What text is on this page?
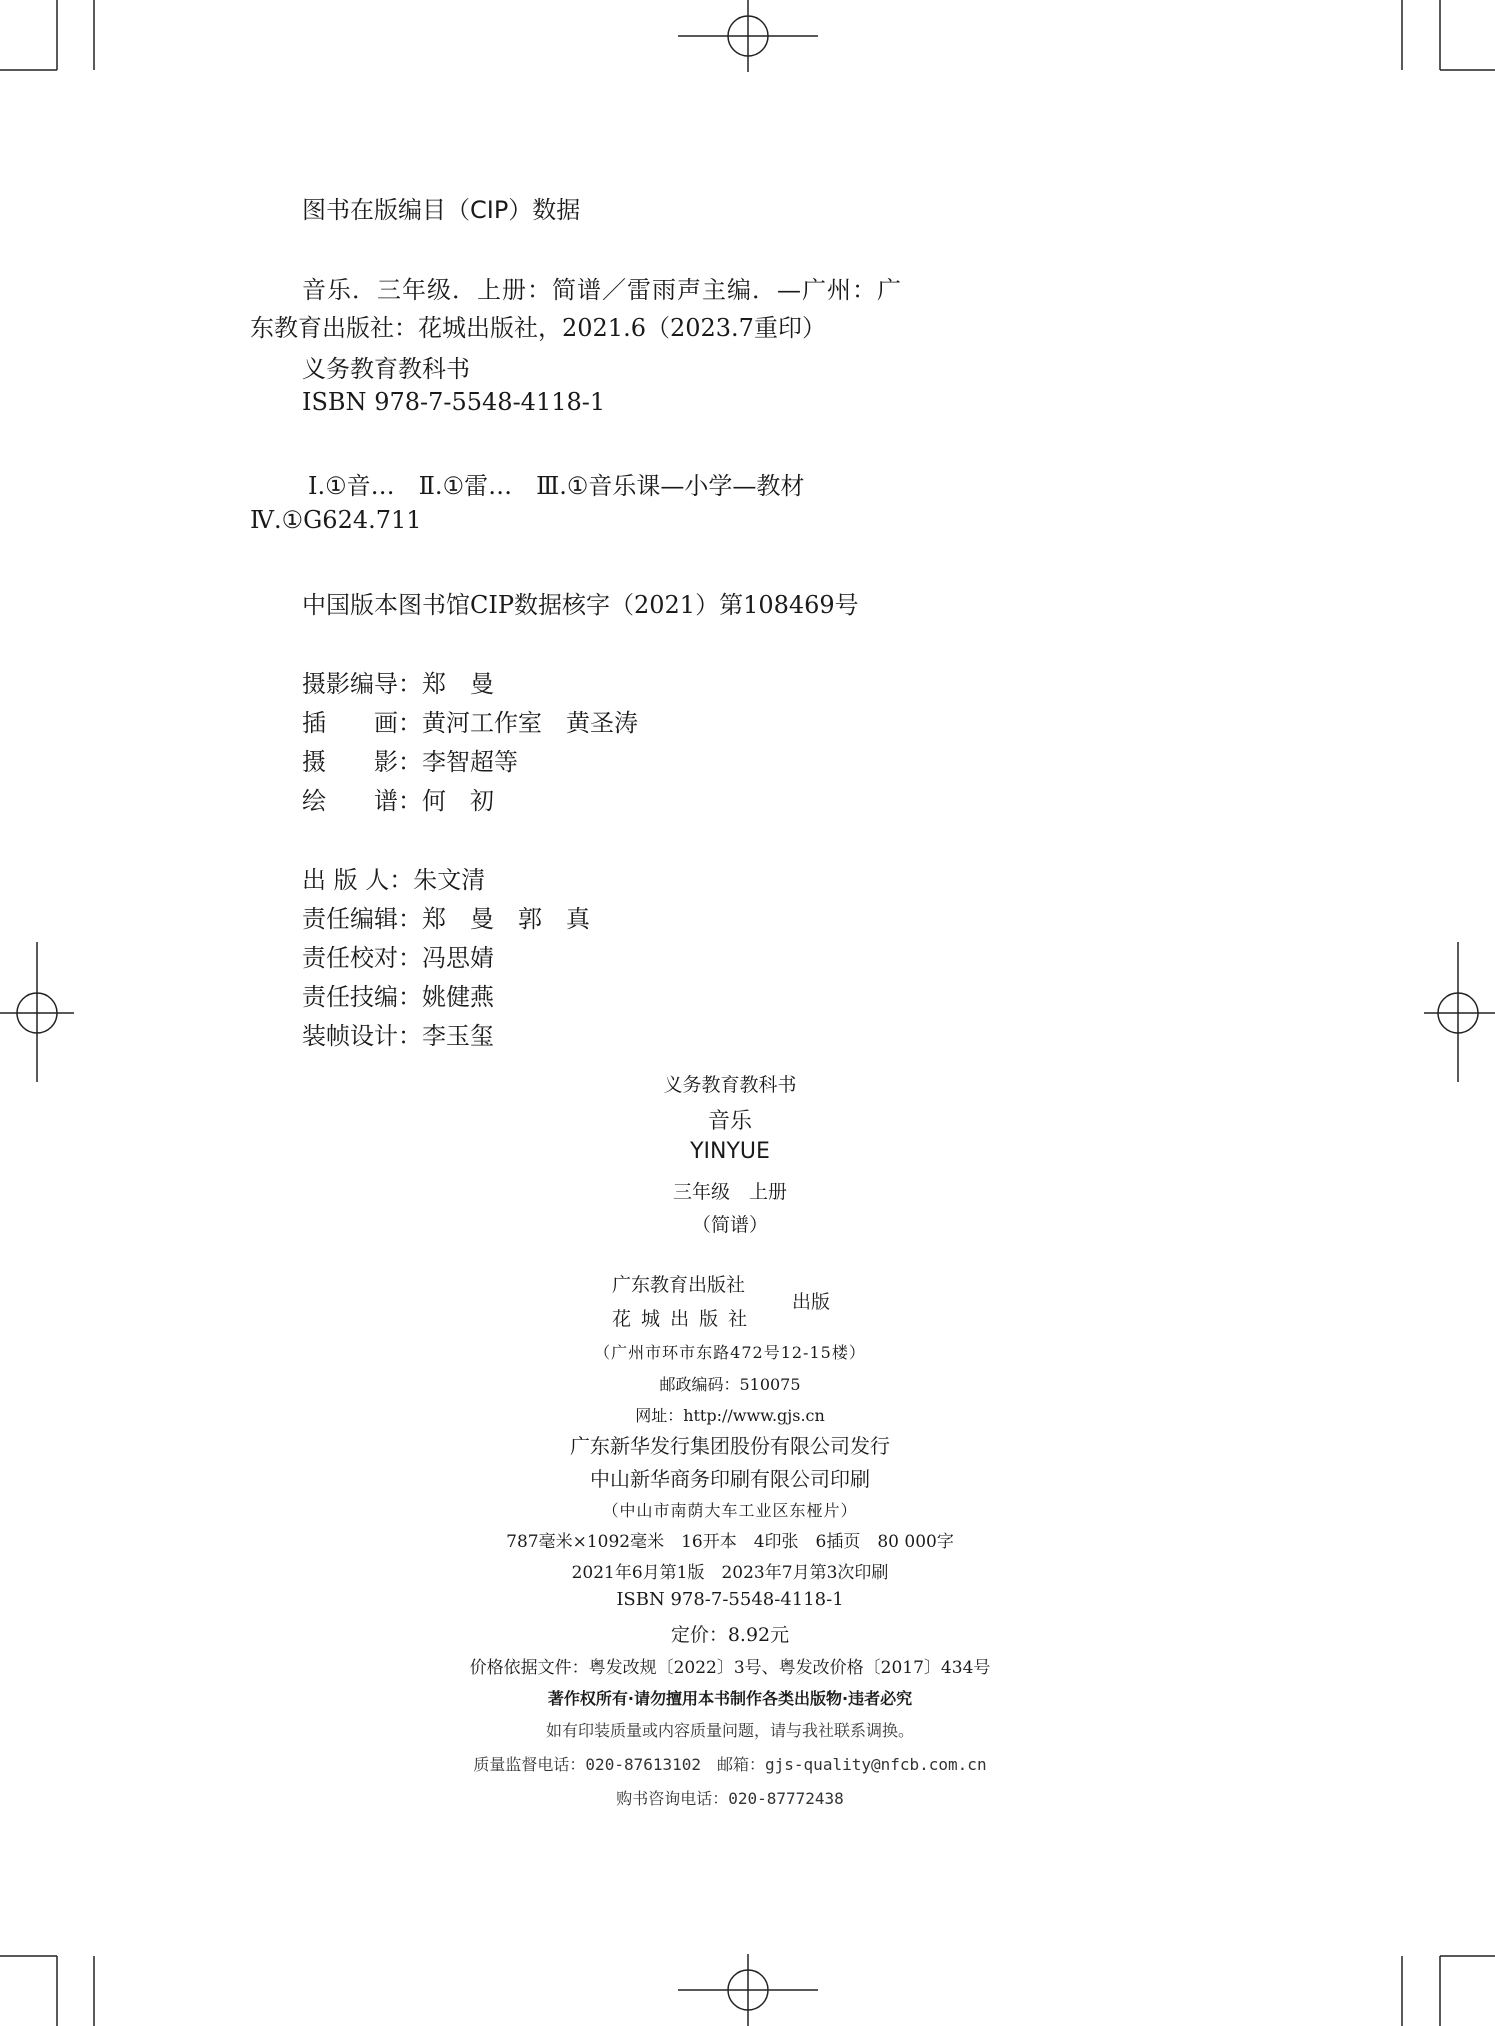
图书在版编目（CIP）数据
音乐．三年级．上册：简谱／雷雨声主编．—广州：广
东教育出版社：花城出版社，2021.6（2023.7重印）
义务教育教科书
ISBN 978-7-5548-4118-1
Ⅰ.①音…　Ⅱ.①雷…　Ⅲ.①音乐课—小学—教材
Ⅳ.①G624.711
中国版本图书馆CIP数据核字（2021）第108469号
摄影编导：郑　曼
插　　画：黄河工作室　黄圣涛
摄　　影：李智超等
绘　　谱：何　初
出 版 人：朱文清
责任编辑：郑　曼　郭　真
责任校对：冯思婧
责任技编：姚健燕
装帧设计：李玉玺
义务教育教科书
音乐
YINYUE
三年级　上册
（简谱）
广东教育出版社
花 城 出 版 社
出版
（广州市环市东路472号12-15楼）
邮政编码：510075
网址：http://www.gjs.cn
广东新华发行集团股份有限公司发行
中山新华商务印刷有限公司印刷
（中山市南荫大车工业区东桠片）
787毫米×1092毫米　16开本　4印张　6插页　80 000字
2021年6月第1版　2023年7月第3次印刷
ISBN 978-7-5548-4118-1
定价：8.92元
价格依据文件：粤发改规〔2022〕3号、粤发改价格〔2017〕434号
著作权所有·请勿擅用本书制作各类出版物·违者必究
如有印装质量或内容质量问题，请与我社联系调换。
质量监督电话：020-87613102　邮箱：gjs-quality@nfcb.com.cn
购书咨询电话：020-87772438
